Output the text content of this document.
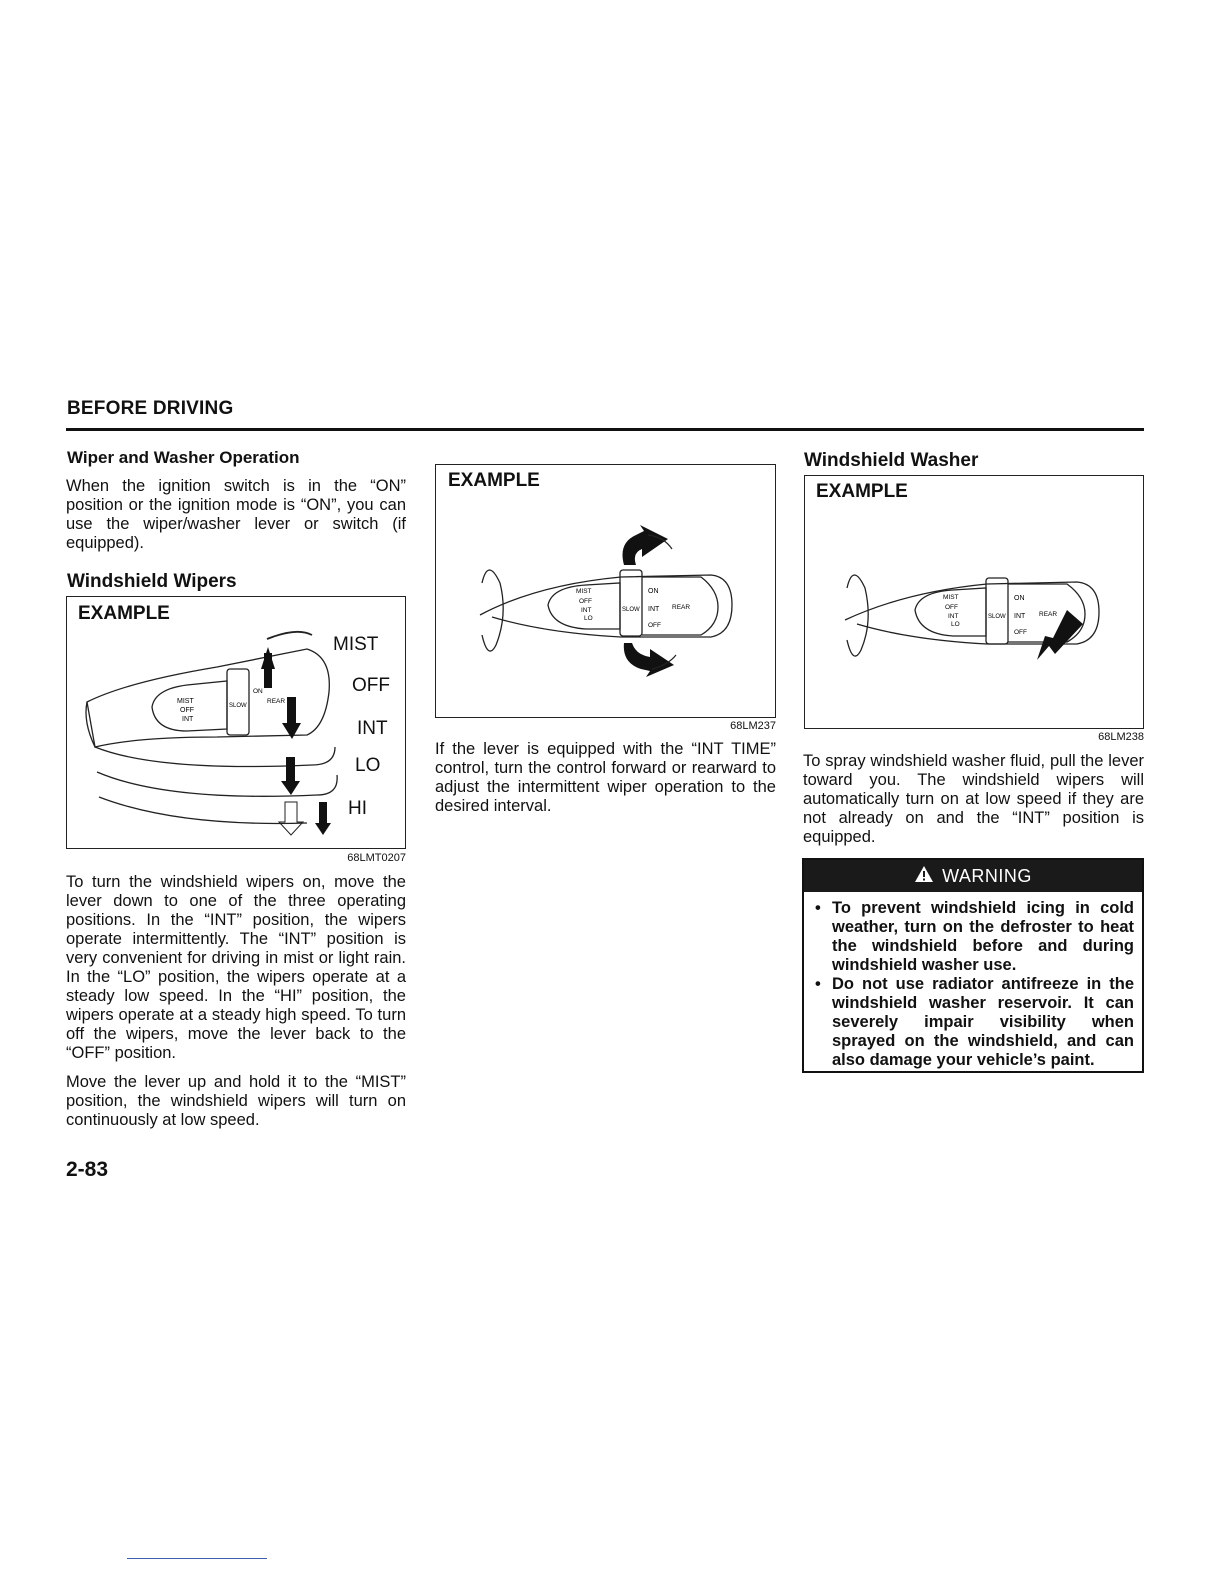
BEFORE DRIVING
Wiper and Washer Operation

When the ignition switch is in the “ON” position or the ignition mode is “ON”, you can use the wiper/washer lever or switch (if equipped).

Windshield Wipers
EXAMPLE
MIST
OFF
INT
SLOW
ON
REAR
MIST
OFF
INT
LO
HI
68LMT0207

To turn the windshield wipers on, move the lever down to one of the three operating positions. In the “INT” position, the wipers operate intermittently. The “INT” position is very convenient for driving in mist or light rain. In the “LO” position, the wipers operate at a steady low speed. In the “HI” position, the wipers operate at a steady high speed. To turn off the wipers, move the lever back to the “OFF” position.

Move the lever up and hold it to the “MIST” position, the windshield wipers will turn on continuously at low speed.

EXAMPLE
MIST
OFF
INT
LO
SLOW
ON
INT REAR
OFF
68LM237

If the lever is equipped with the “INT TIME” control, turn the control forward or rearward to adjust the intermittent wiper operation to the desired interval.

Windshield Washer
EXAMPLE
MIST
OFF
INT
LO
SLOW
ON
INT REAR
OFF
68LM238

To spray windshield washer fluid, pull the lever toward you. The windshield wipers will automatically turn on at low speed if they are not already on and the “INT” position is equipped.

WARNING
• To prevent windshield icing in cold weather, turn on the defroster to heat the windshield before and during windshield washer use.
• Do not use radiator antifreeze in the windshield washer reservoir. It can severely impair visibility when sprayed on the windshield, and can also damage your vehicle’s paint.
2-83
